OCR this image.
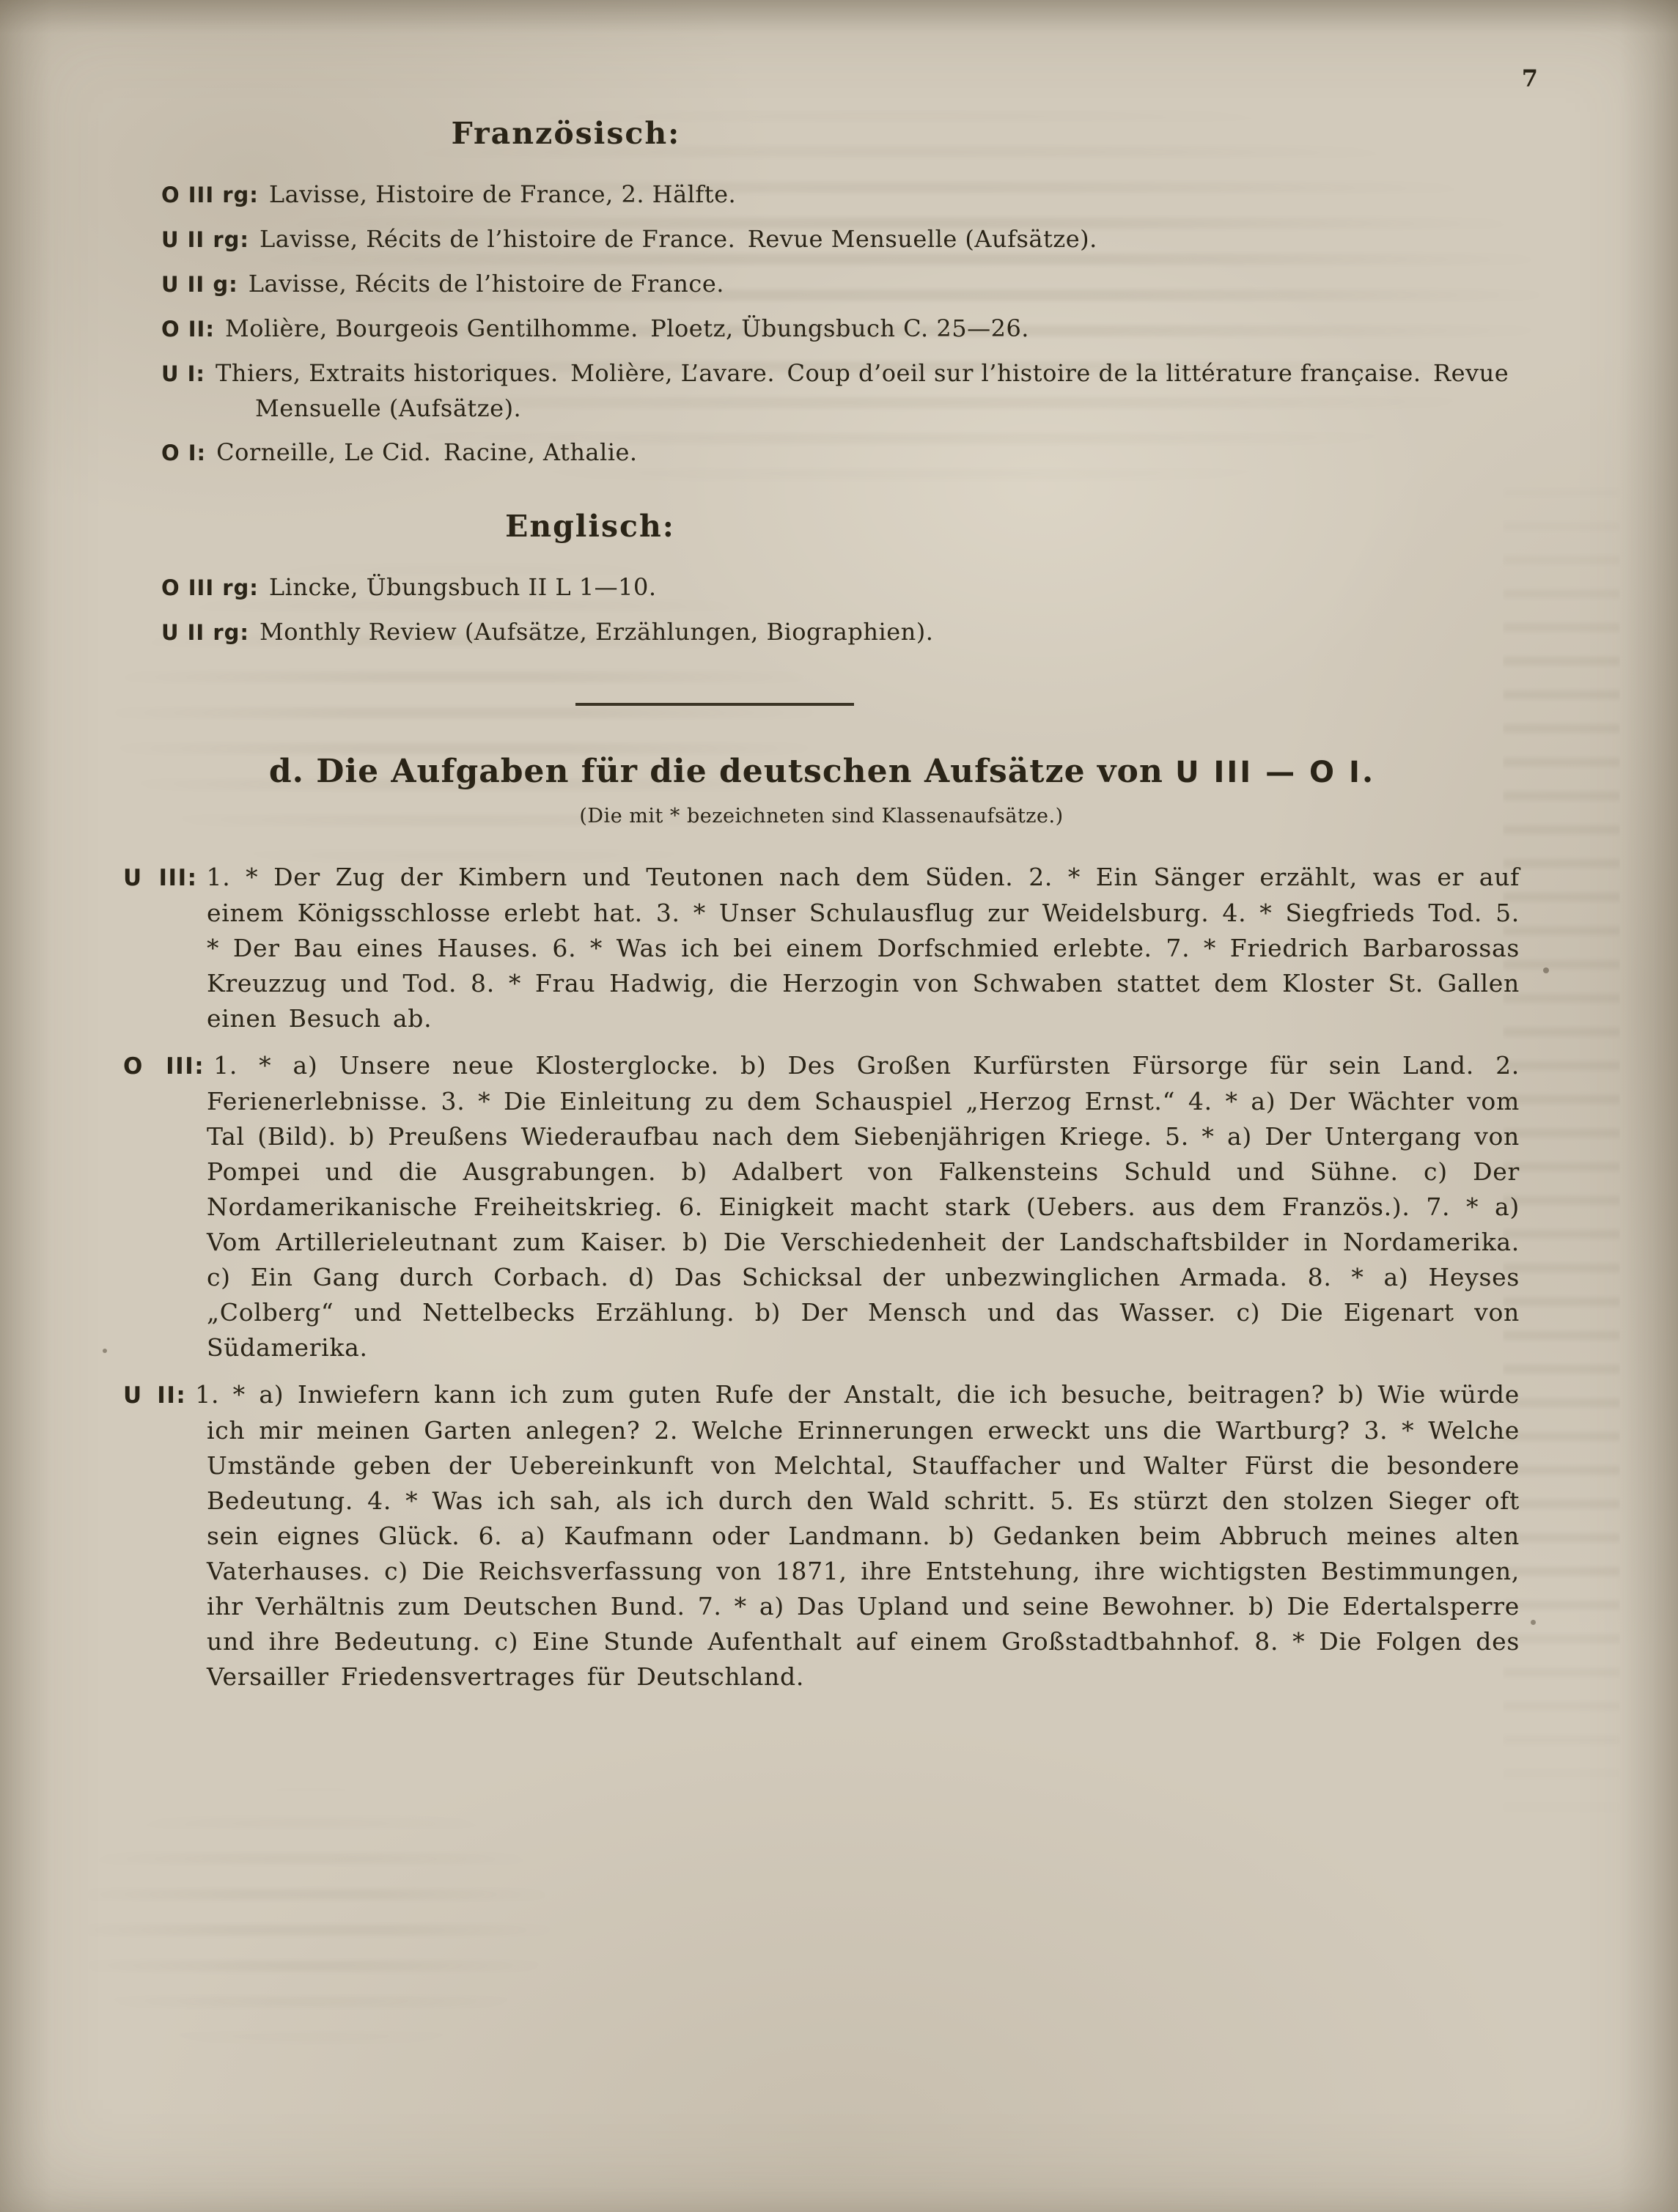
7
Französisch:
O III rg: Lavisse, Histoire de France, 2. Hälfte.
U II rg: Lavisse, Récits de l’histoire de France. Revue Mensuelle (Aufsätze).
U II g: Lavisse, Récits de l’histoire de France.
O II: Molière, Bourgeois Gentilhomme. Ploetz, Übungsbuch C. 25—26.
U I: Thiers, Extraits historiques. Molière, L’avare. Coup d’oeil sur l’histoire de la littérature française. Revue Mensuelle (Aufsätze).
O I: Corneille, Le Cid. Racine, Athalie.
Englisch:
O III rg: Lincke, Übungsbuch II L 1—10.
U II rg: Monthly Review (Aufsätze, Erzählungen, Biographien).
d. Die Aufgaben für die deutschen Aufsätze von U III — O I.
(Die mit * bezeichneten sind Klassenaufsätze.)

U III: 1. * Der Zug der Kimbern und Teutonen nach dem Süden. 2. * Ein Sänger erzählt, was er auf einem Königsschlosse erlebt hat. 3. * Unser Schulausflug zur Weidelsburg. 4. * Siegfrieds Tod. 5. * Der Bau eines Hauses. 6. * Was ich bei einem Dorfschmied erlebte. 7. * Friedrich Barbarossas Kreuzzug und Tod. 8. * Frau Hadwig, die Herzogin von Schwaben stattet dem Kloster St. Gallen einen Besuch ab.

O III: 1. * a) Unsere neue Klosterglocke. b) Des Großen Kurfürsten Fürsorge für sein Land. 2. Ferienerlebnisse. 3. * Die Einleitung zu dem Schauspiel „Herzog Ernst.“ 4. * a) Der Wächter vom Tal (Bild). b) Preußens Wiederaufbau nach dem Siebenjährigen Kriege. 5. * a) Der Untergang von Pompei und die Ausgrabungen. b) Adalbert von Falkensteins Schuld und Sühne. c) Der Nordamerikanische Freiheitskrieg. 6. Einigkeit macht stark (Uebers. aus dem Französ.). 7. * a) Vom Artillerieleutnant zum Kaiser. b) Die Verschiedenheit der Landschaftsbilder in Nordamerika. c) Ein Gang durch Corbach. d) Das Schicksal der unbezwinglichen Armada. 8. * a) Heyses „Colberg“ und Nettelbecks Erzählung. b) Der Mensch und das Wasser. c) Die Eigenart von Südamerika.

U II: 1. * a) Inwiefern kann ich zum guten Rufe der Anstalt, die ich besuche, beitragen? b) Wie würde ich mir meinen Garten anlegen? 2. Welche Erinnerungen erweckt uns die Wartburg? 3. * Welche Umstände geben der Uebereinkunft von Melchtal, Stauffacher und Walter Fürst die besondere Bedeutung. 4. * Was ich sah, als ich durch den Wald schritt. 5. Es stürzt den stolzen Sieger oft sein eignes Glück. 6. a) Kaufmann oder Landmann. b) Gedanken beim Abbruch meines alten Vaterhauses. c) Die Reichsverfassung von 1871, ihre Entstehung, ihre wichtigsten Bestimmungen, ihr Verhältnis zum Deutschen Bund. 7. * a) Das Upland und seine Bewohner. b) Die Edertalsperre und ihre Bedeutung. c) Eine Stunde Aufenthalt auf einem Großstadtbahnhof. 8. * Die Folgen des Versailler Friedensvertrages für Deutschland.
